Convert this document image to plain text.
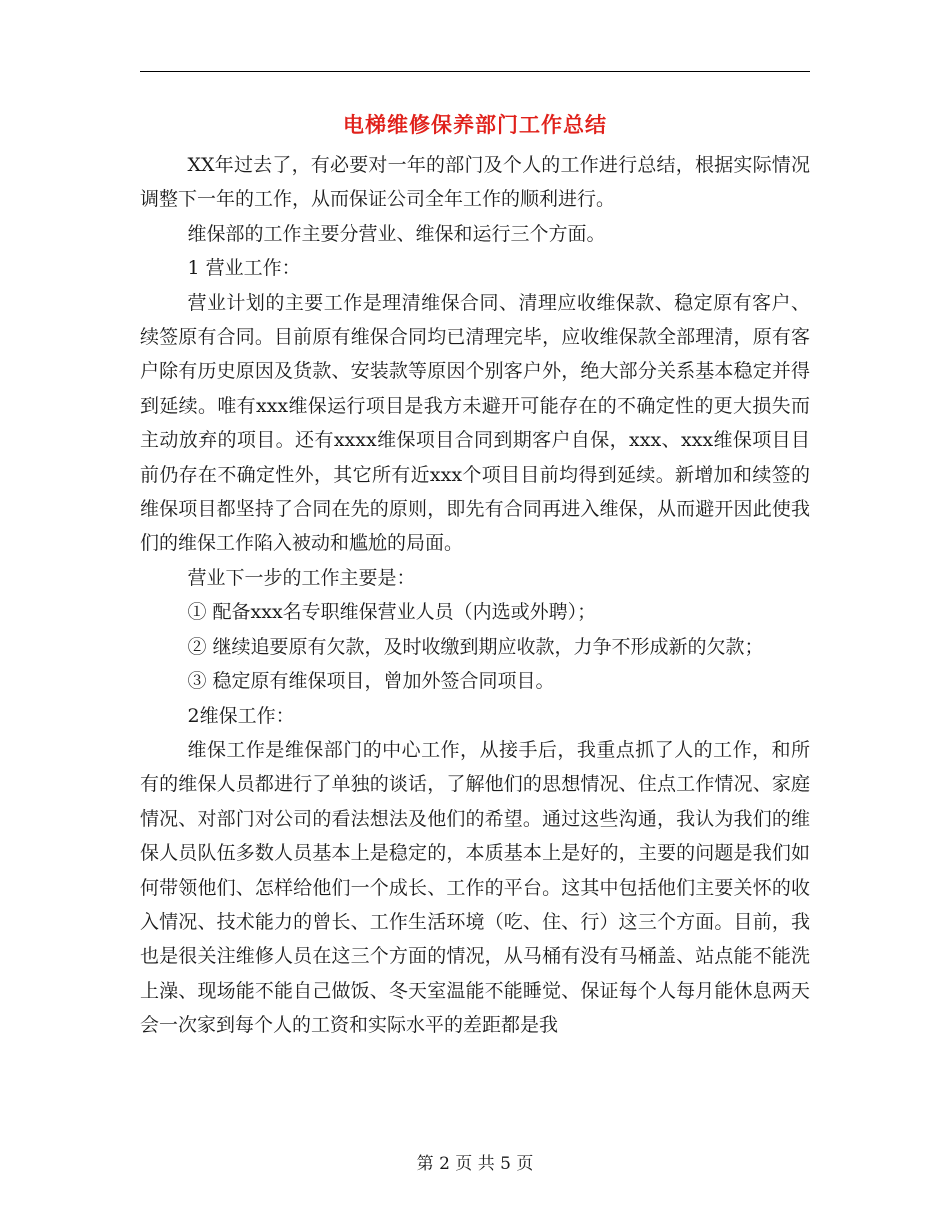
电梯维修保养部门工作总结

XX年过去了，有必要对一年的部门及个人的工作进行总结，根据实际情况调整下一年的工作，从而保证公司全年工作的顺利进行。

维保部的工作主要分营业、维保和运行三个方面。

1 营业工作：

营业计划的主要工作是理清维保合同、清理应收维保款、稳定原有客户、续签原有合同。目前原有维保合同均已清理完毕，应收维保款全部理清，原有客户除有历史原因及货款、安装款等原因个别客户外，绝大部分关系基本稳定并得到延续。唯有xxx维保运行项目是我方未避开可能存在的不确定性的更大损失而主动放弃的项目。还有xxxx维保项目合同到期客户自保，xxx、xxx维保项目目前仍存在不确定性外，其它所有近xxx个项目目前均得到延续。新增加和续签的维保项目都坚持了合同在先的原则，即先有合同再进入维保，从而避开因此使我们的维保工作陷入被动和尴尬的局面。

营业下一步的工作主要是：

① 配备xxx名专职维保营业人员（内选或外聘）；

② 继续追要原有欠款，及时收缴到期应收款，力争不形成新的欠款；

③ 稳定原有维保项目，曾加外签合同项目。

2维保工作：

维保工作是维保部门的中心工作，从接手后，我重点抓了人的工作，和所有的维保人员都进行了单独的谈话，了解他们的思想情况、住点工作情况、家庭情况、对部门对公司的看法想法及他们的希望。通过这些沟通，我认为我们的维保人员队伍多数人员基本上是稳定的，本质基本上是好的，主要的问题是我们如何带领他们、怎样给他们一个成长、工作的平台。这其中包括他们主要关怀的收入情况、技术能力的曾长、工作生活环境（吃、住、行）这三个方面。目前，我也是很关注维修人员在这三个方面的情况，从马桶有没有马桶盖、站点能不能洗上澡、现场能不能自己做饭、冬天室温能不能睡觉、保证每个人每月能休息两天会一次家到每个人的工资和实际水平的差距都是我

第 2 页 共 5 页
